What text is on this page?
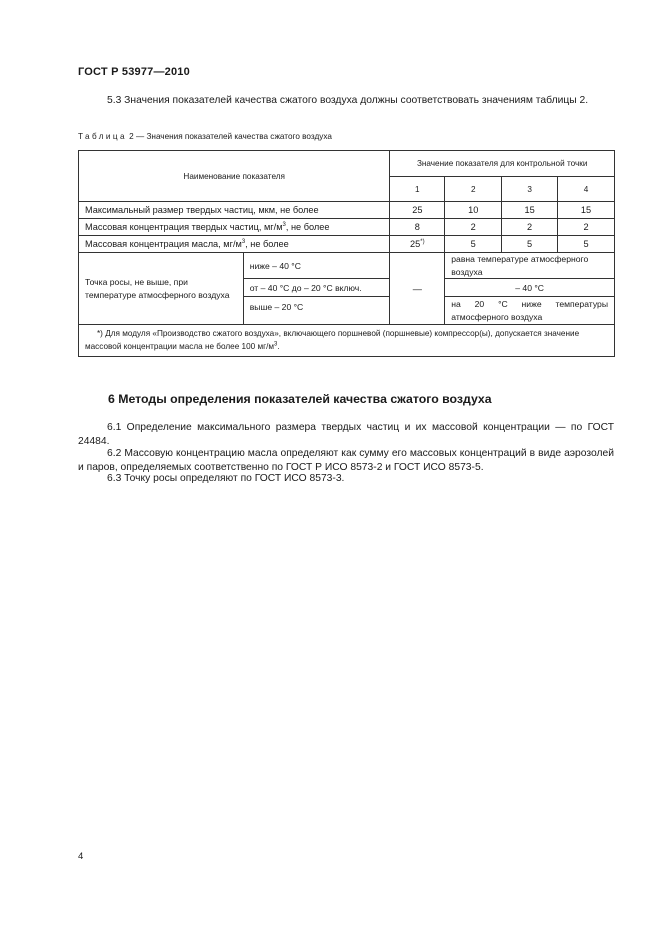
ГОСТ Р 53977—2010
5.3 Значения показателей качества сжатого воздуха должны соответствовать значениям таблицы 2.
Таблица 2 — Значения показателей качества сжатого воздуха
Наименование показателя		Значение показателя для контрольной точки			
		1	2	3	4
Максимальный размер твердых частиц, мкм, не более		25	10	15	15
Массовая концентрация твердых частиц, $мг/м^3$, не более		8	2	2	2
Массовая концентрация масла, $мг/м^3$, не более		25*)	5	5	5
Точка росы, не выше, при температуре атмосферного воздуха	ниже – 40 °С	—	равна температуре атмосферного воздуха		
	от – 40 °С до – 20 °С включ.		– 40 °С		
	выше – 20 °С		на 20 °С ниже температуры атмосферного воздуха		
*) Для модуля «Производство сжатого воздуха», включающего поршневой (поршневые) компрессор(ы), допускается значение массовой концентрации масла не более 100 $мг/м^3$.					
6 Методы определения показателей качества сжатого воздуха
6.1 Определение максимального размера твердых частиц и их массовой концентрации — по ГОСТ 24484.
6.2 Массовую концентрацию масла определяют как сумму его массовых концентраций в виде аэрозолей и паров, определяемых соответственно по ГОСТ Р ИСО 8573-2 и ГОСТ ИСО 8573-5.
6.3 Точку росы определяют по ГОСТ ИСО 8573-3.
4
